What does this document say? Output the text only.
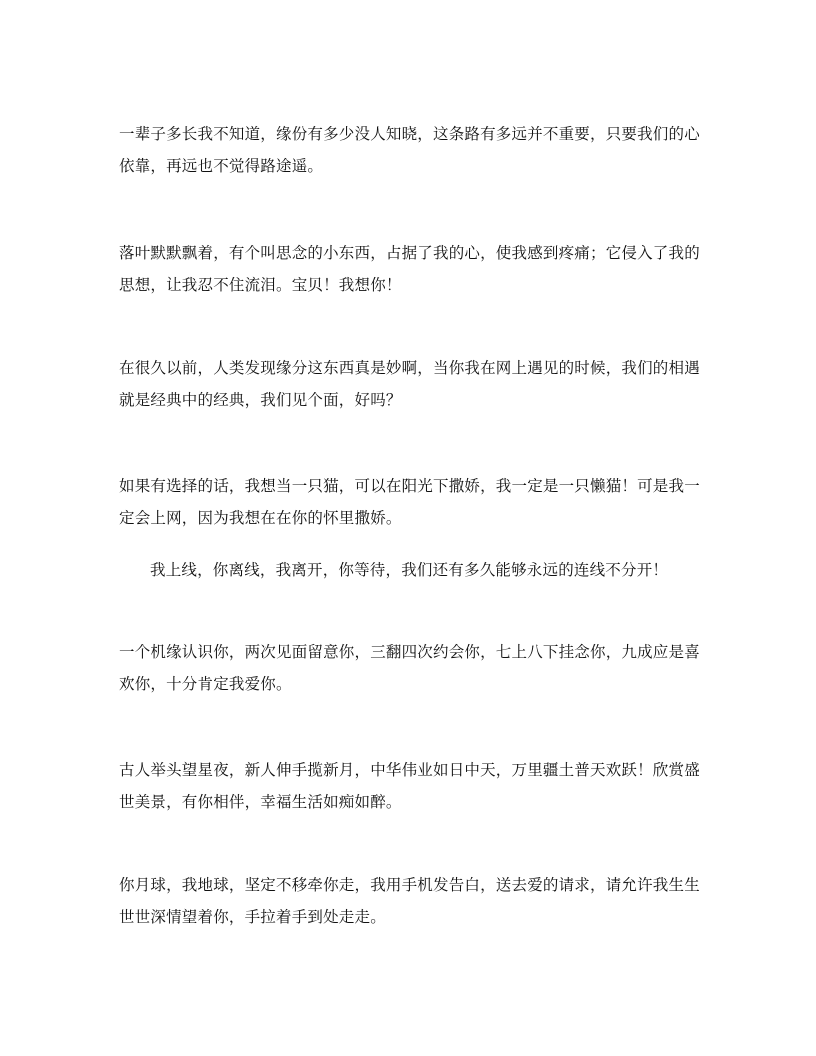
一辈子多长我不知道，缘份有多少没人知晓，这条路有多远并不重要，只要我们的心依靠，再远也不觉得路途遥。

落叶默默飘着，有个叫思念的小东西，占据了我的心，使我感到疼痛；它侵入了我的思想，让我忍不住流泪。宝贝！我想你！

在很久以前，人类发现缘分这东西真是妙啊，当你我在网上遇见的时候，我们的相遇就是经典中的经典，我们见个面，好吗？

如果有选择的话，我想当一只猫，可以在阳光下撒娇，我一定是一只懒猫！可是我一定会上网，因为我想在在你的怀里撒娇。

我上线，你离线，我离开，你等待，我们还有多久能够永远的连线不分开！

一个机缘认识你，两次见面留意你，三翻四次约会你，七上八下挂念你，九成应是喜欢你，十分肯定我爱你。

古人举头望星夜，新人伸手揽新月，中华伟业如日中天，万里疆土普天欢跃！欣赏盛世美景，有你相伴，幸福生活如痴如醉。

你月球，我地球，坚定不移牵你走，我用手机发告白，送去爱的请求，请允许我生生世世深情望着你，手拉着手到处走走。
